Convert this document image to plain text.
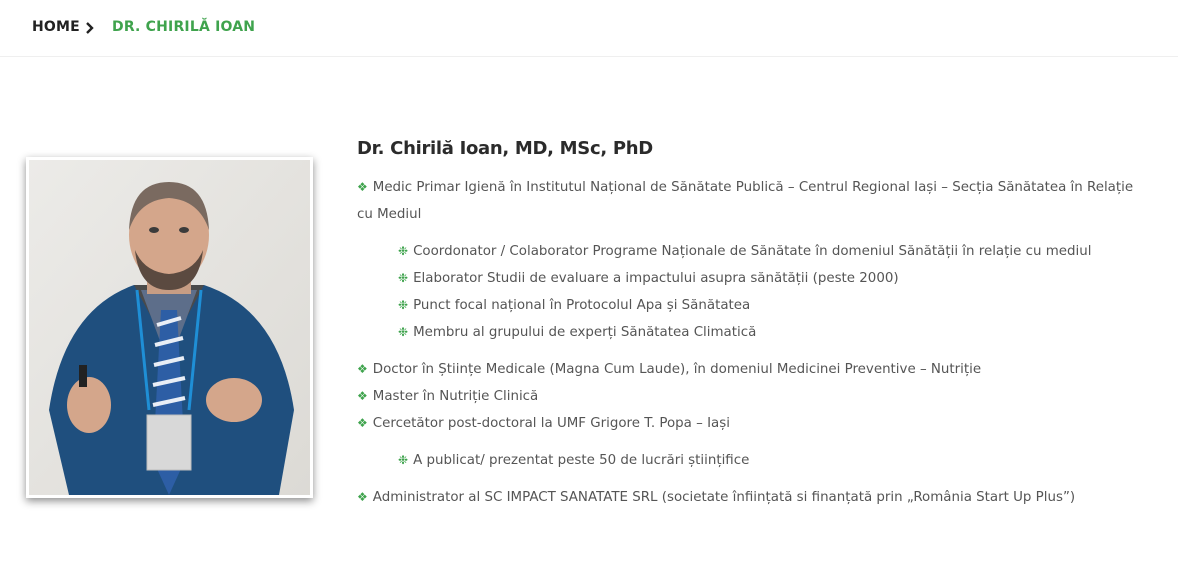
HOME DR. CHIRILĂ IOAN
Dr. Chirilă Ioan, MD, MSc, PhD
❖ Medic Primar Igienă în Institutul Național de Sănătate Publică – Centrul Regional Iași – Secția Sănătatea în Relație cu Mediul
❉ Coordonator / Colaborator Programe Naționale de Sănătate în domeniul Sănătății în relație cu mediul
❉ Elaborator Studii de evaluare a impactului asupra sănătății (peste 2000)
❉ Punct focal național în Protocolul Apa și Sănătatea
❉ Membru al grupului de experți Sănătatea Climatică
❖ Doctor în Științe Medicale (Magna Cum Laude), în domeniul Medicinei Preventive – Nutriție
❖ Master în Nutriție Clinică
❖ Cercetător post-doctoral la UMF Grigore T. Popa – Iași
❉ A publicat/ prezentat peste 50 de lucrări științifice
❖ Administrator al SC IMPACT SANATATE SRL (societate înființată si finanțată prin „România Start Up Plus”)
